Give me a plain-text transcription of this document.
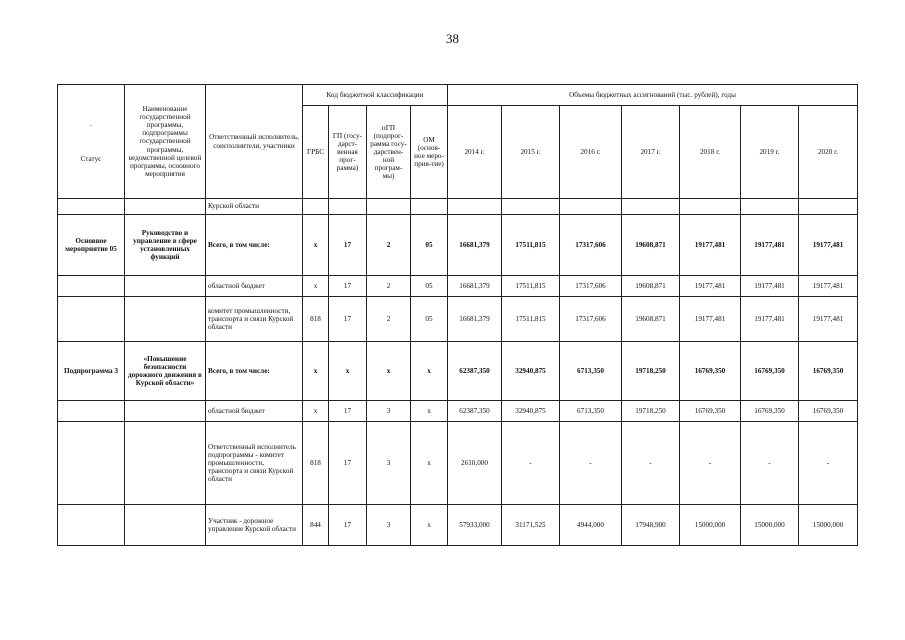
38
.
Статус	Наименование государственной программы, подпрограммы государственной программы, ведомственной целевой программы, основного мероприятия	Ответственный исполнитель, соисполнители, участники	Код бюджетной классификации				Объемы бюджетных ассигнований (тыс. рублей), годы						
			ГРБС	ГП (госу-дарст-венная прог-рамма)	пГП (подпрог-рамма госу-дарствен-ной програм-мы)	ОМ (основ-ное меро-прия-тие)	2014 г.	2015 г.	2016 г.	2017 г.	2018 г.	2019 г.	2020 г.
		Курской области											
Основное мероприятие 05	Руководство и управление в сфере установленных функций	Всего, в том числе:	х	17	2	05	16681,379	17511,815	17317,606	19608,871	19177,481	19177,481	19177,481
		областной бюджет	х	17	2	05	16681,379	17511,815	17317,606	19608,871	19177,481	19177,481	19177,481
		комитет промышленности, транспорта и связи Курской области	818	17	2	05	16681,379	17511,815	17317,606	19608,871	19177,481	19177,481	19177,481
Подпрограмма 3	«Повышение безопасности дорожного движения в Курской области»	Всего, в том числе:	х	х	х	х	62387,350	32940,875	6713,350	19718,250	16769,350	16769,350	16769,350
		областной бюджет	х	17	3	х	62387,350	32940,875	6713,350	19718,250	16769,350	16769,350	16769,350
		Ответственный исполнитель подпрограммы - комитет промышленности, транспорта и связи Курской области	818	17	3	х	2610,000	-	-	-	-	-	-
		Участник - дорожное управление Курской области	844	17	3	х	57933,000	31171,525	4944,000	17948,900	15000,000	15000,000	15000,000
